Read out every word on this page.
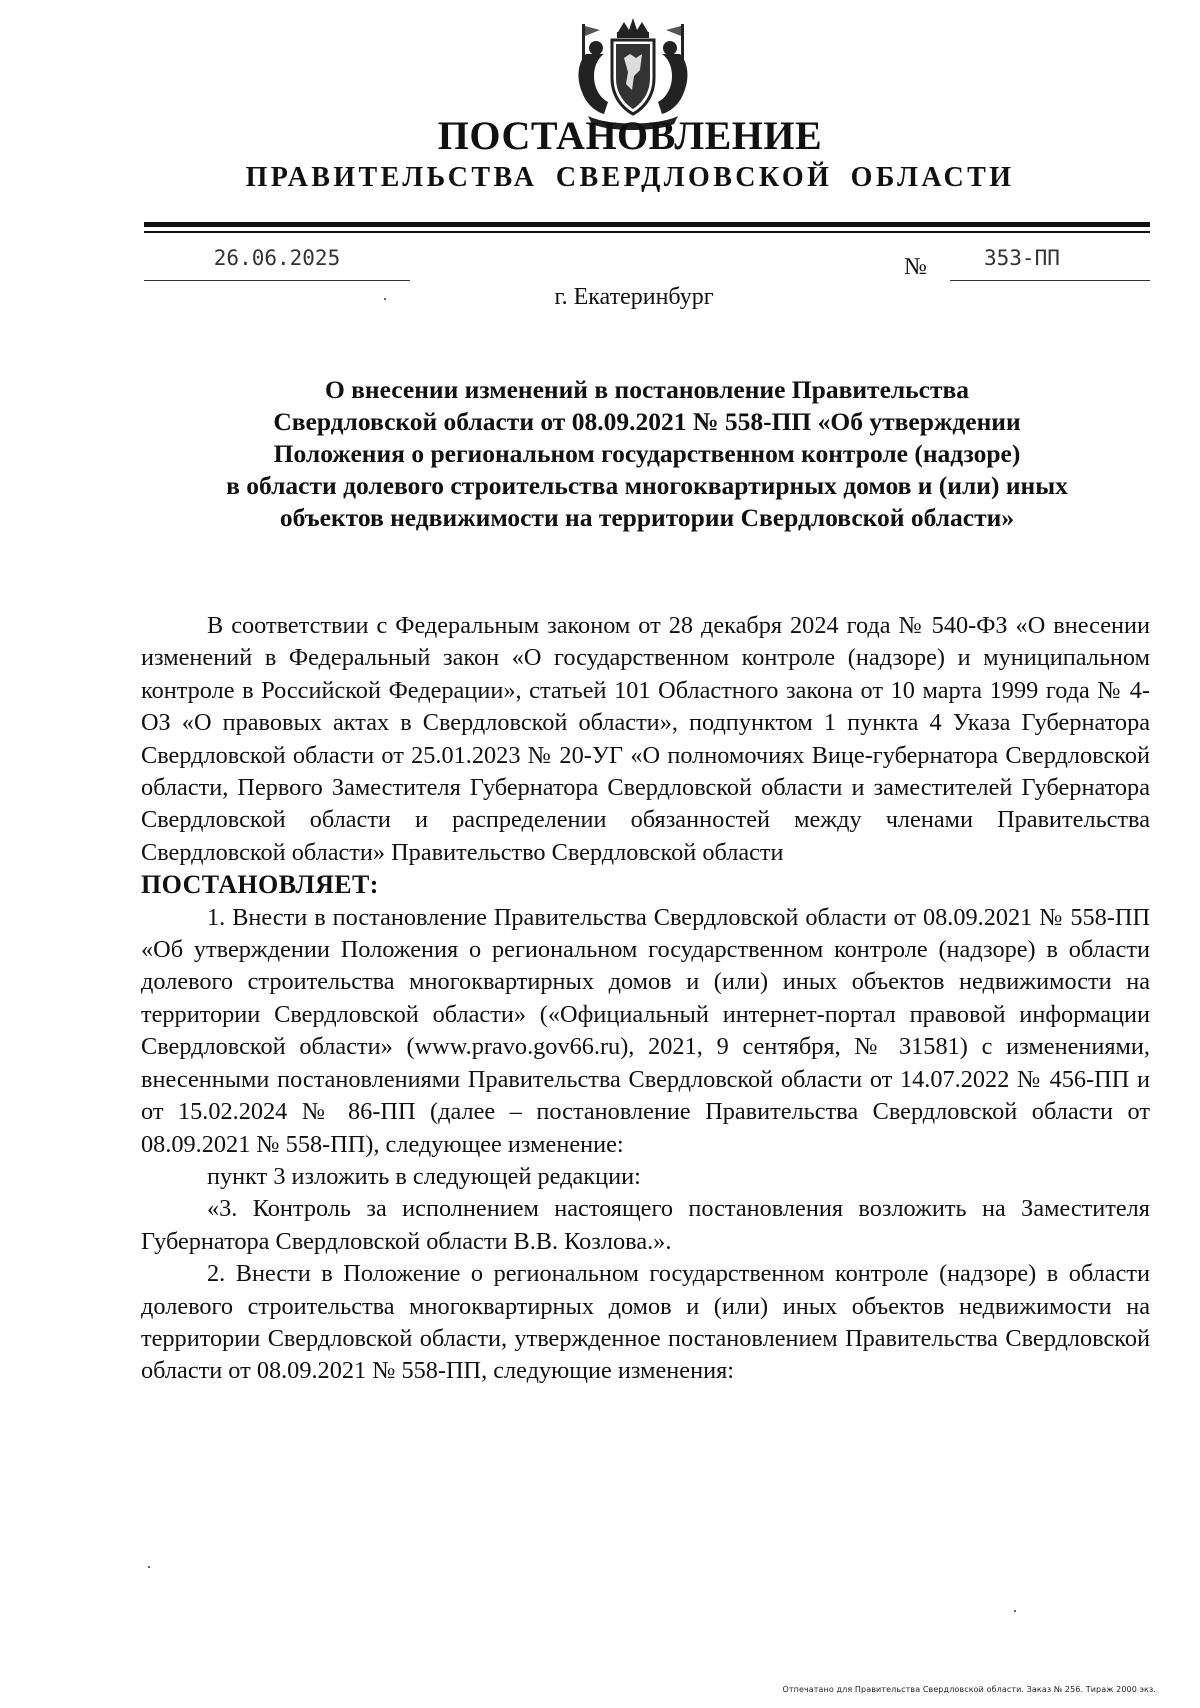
ПОСТАНОВЛЕНИЕ
ПРАВИТЕЛЬСТВА СВЕРДЛОВСКОЙ ОБЛАСТИ
26.06.2025	№	353-ПП
г. Екатеринбург
О внесении изменений в постановление Правительства
Свердловской области от 08.09.2021 № 558-ПП «Об утверждении
Положения о региональном государственном контроле (надзоре)
в области долевого строительства многоквартирных домов и (или) иных
объектов недвижимости на территории Свердловской области»

В соответствии с Федеральным законом от 28 декабря 2024 года № 540-ФЗ «О внесении изменений в Федеральный закон «О государственном контроле (надзоре) и муниципальном контроле в Российской Федерации», статьей 101 Областного закона от 10 марта 1999 года № 4-ОЗ «О правовых актах в Свердловской области», подпунктом 1 пункта 4 Указа Губернатора Свердловской области от 25.01.2023 № 20-УГ «О полномочиях Вице-губернатора Свердловской области, Первого Заместителя Губернатора Свердловской области и заместителей Губернатора Свердловской области и распределении обязанностей между членами Правительства Свердловской области» Правительство Свердловской области

ПОСТАНОВЛЯЕТ:

1. Внести в постановление Правительства Свердловской области от 08.09.2021 № 558-ПП «Об утверждении Положения о региональном государственном контроле (надзоре) в области долевого строительства многоквартирных домов и (или) иных объектов недвижимости на территории Свердловской области» («Официальный интернет-портал правовой информации Свердловской области» (www.pravo.gov66.ru), 2021, 9 сентября, № 31581) с изменениями, внесенными постановлениями Правительства Свердловской области от 14.07.2022 № 456-ПП и от 15.02.2024 № 86-ПП (далее – постановление Правительства Свердловской области от 08.09.2021 № 558-ПП), следующее изменение:

пункт 3 изложить в следующей редакции:

«3. Контроль за исполнением настоящего постановления возложить на Заместителя Губернатора Свердловской области В.В. Козлова.».

2. Внести в Положение о региональном государственном контроле (надзоре) в области долевого строительства многоквартирных домов и (или) иных объектов недвижимости на территории Свердловской области, утвержденное постановлением Правительства Свердловской области от 08.09.2021 № 558-ПП, следующие изменения:

Отпечатано для Правительства Свердловской области. Заказ № 256. Тираж 2000 экз.
